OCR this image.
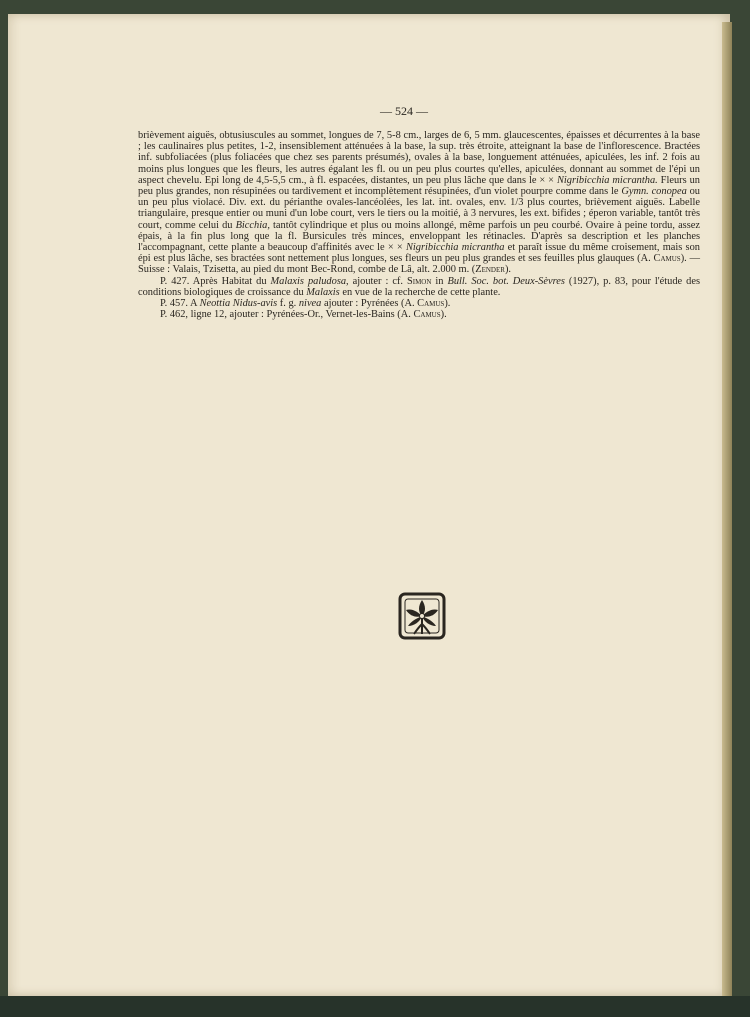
— 524 —

brièvement aiguës, obtusiuscules au sommet, longues de 7, 5-8 cm., larges de 6, 5 mm. glaucescentes, épaisses et décurrentes à la base ; les caulinaires plus petites, 1-2, insensiblement atténuées à la base, la sup. très étroite, atteignant la base de l'inflorescence. Bractées inf. subfoliacées (plus foliacées que chez ses parents présumés), ovales à la base, longuement atténuées, apiculées, les inf. 2 fois au moins plus longues que les fleurs, les autres égalant les fl. ou un peu plus courtes qu'elles, apiculées, donnant au sommet de l'épi un aspect chevelu. Epi long de 4,5-5,5 cm., à fl. espacées, distantes, un peu plus lâche que dans le × × Nigribicchia micrantha. Fleurs un peu plus grandes, non résupinées ou tardivement et incomplètement résupinées, d'un violet pourpre comme dans le Gymn. conopea ou un peu plus violacé. Div. ext. du périanthe ovales-lancéolées, les lat. int. ovales, env. 1/3 plus courtes, brièvement aiguës. Labelle triangulaire, presque entier ou muni d'un lobe court, vers le tiers ou la moitié, à 3 nervures, les ext. bifides ; éperon variable, tantôt très court, comme celui du Bicchia, tantôt cylindrique et plus ou moins allongé, même parfois un peu courbé. Ovaire à peine tordu, assez épais, à la fin plus long que la fl. Bursicules très minces, enveloppant les rétinacles. D'après sa description et les planches l'accompagnant, cette plante a beaucoup d'affinités avec le × × Nigribicchia micrantha et paraît issue du même croisement, mais son épi est plus lâche, ses bractées sont nettement plus longues, ses fleurs un peu plus grandes et ses feuilles plus glauques (A. Camus). — Suisse : Valais, Tzisetta, au pied du mont Bec-Rond, combe de Lâ, alt. 2.000 m. (Zender).

P. 427. Après Habitat du Malaxis paludosa, ajouter : cf. Simon in Bull. Soc. bot. Deux-Sèvres (1927), p. 83, pour l'étude des conditions biologiques de croissance du Malaxis en vue de la recherche de cette plante.

P. 457. A Neottia Nidus-avis f. g. nivea ajouter : Pyrénées (A. Camus).

P. 462, ligne 12, ajouter : Pyrénées-Or., Vernet-les-Bains (A. Camus).
